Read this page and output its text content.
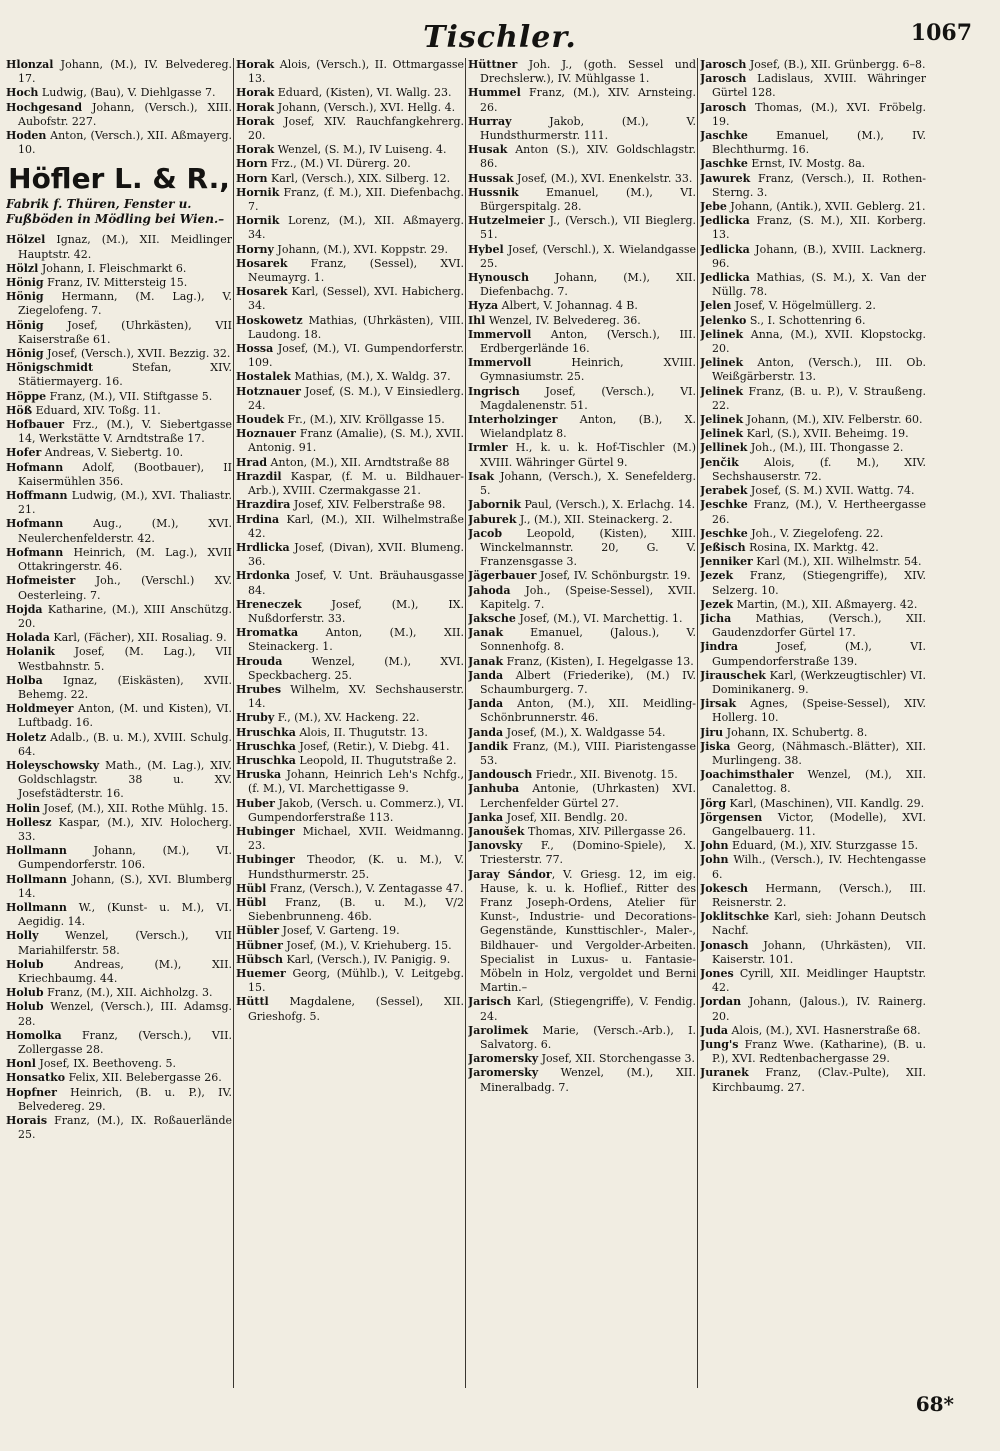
Tischler.	1067
Hlonzal Johann, (M.), IV. Belvedereg. 17.
Hoch Ludwig, (Bau), V. Diehlgasse 7.
Hochgesand Johann, (Versch.), XIII. Aubofstr. 227.
Hoden Anton, (Versch.), XII. Aßmayerg. 10.
Höfler L. & R.,
Fabrik f. Thüren, Fenster u. Fußböden in Mödling bei Wien.–
Hölzel Ignaz, (M.), XII. Meidlinger Hauptstr. 42.
Hölzl Johann, I. Fleischmarkt 6.
Hönig Franz, IV. Mittersteig 15.
Hönig Hermann, (M. Lag.), V. Ziegelofeng. 7.
Hönig Josef, (Uhrkästen), VII Kaiserstraße 61.
Hönig Josef, (Versch.), XVII. Bezzig. 32.
Hönigschmidt Stefan, XIV. Stätiermayerg. 16.
Höppe Franz, (M.), VII. Stiftgasse 5.
Höß Eduard, XIV. Toßg. 11.
Hofbauer Frz., (M.), V. Siebertgasse 14, Werkstätte V. Arndtstraße 17.
Hofer Andreas, V. Siebertg. 10.
Hofmann Adolf, (Bootbauer), II Kaisermühlen 356.
Hoffmann Ludwig, (M.), XVI. Thaliastr. 21.
Hofmann Aug., (M.), XVI. Neulerchenfelderstr. 42.
Hofmann Heinrich, (M. Lag.), XVII Ottakringerstr. 46.
Hofmeister Joh., (Verschl.) XV. Oesterleing. 7.
Hojda Katharine, (M.), XIII Anschützg. 20.
Holada Karl, (Fächer), XII. Rosaliag. 9.
Holanik Josef, (M. Lag.), VII Westbahnstr. 5.
Holba Ignaz, (Eiskästen), XVII. Behemg. 22.
Holdmeyer Anton, (M. und Kisten), VI. Luftbadg. 16.
Holetz Adalb., (B. u. M.), XVIII. Schulg. 64.
Holeyschowsky Math., (M. Lag.), XIV. Goldschlagstr. 38 u. XV. Josefstädterstr. 16.
Holin Josef, (M.), XII. Rothe Mühlg. 15.
Hollesz Kaspar, (M.), XIV. Holocherg. 33.
Hollmann Johann, (M.), VI. Gumpendorferstr. 106.
Hollmann Johann, (S.), XVI. Blumberg 14.
Hollmann W., (Kunst- u. M.), VI. Aegidig. 14.
Holly Wenzel, (Versch.), VII Mariahilferstr. 58.
Holub Andreas, (M.), XII. Kriechbaumg. 44.
Holub Franz, (M.), XII. Aichholzg. 3.
Holub Wenzel, (Versch.), III. Adamsg. 28.
Homolka Franz, (Versch.), VII. Zollergasse 28.
Honl Josef, IX. Beethoveng. 5.
Honsatko Felix, XII. Belebergasse 26.
Hopfner Heinrich, (B. u. P.), IV. Belvedereg. 29.
Horais Franz, (M.), IX. Roßauerlände 25.
Horak Alois, (Versch.), II. Ottmargasse 13.
Horak Eduard, (Kisten), VI. Wallg. 23.
Horak Johann, (Versch.), XVI. Hellg. 4.
Horak Josef, XIV. Rauchfangkehrerg. 20.
Horak Wenzel, (S. M.), IV Luiseng. 4.
Horn Frz., (M.) VI. Dürerg. 20.
Horn Karl, (Versch.), XIX. Silberg. 12.
Hornik Franz, (f. M.), XII. Diefenbachg. 7.
Hornik Lorenz, (M.), XII. Aßmayerg. 34.
Horny Johann, (M.), XVI. Koppstr. 29.
Hosarek Franz, (Sessel), XVI. Neumayrg. 1.
Hosarek Karl, (Sessel), XVI. Habicherg. 34.
Hoskowetz Mathias, (Uhrkästen), VIII. Laudong. 18.
Hossa Josef, (M.), VI. Gumpendorferstr. 109.
Hostalek Mathias, (M.), X. Waldg. 37.
Hotznauer Josef, (S. M.), V Einsiedlerg. 24.
Houdek Fr., (M.), XIV. Kröllgasse 15.
Hoznauer Franz (Amalie), (S. M.), XVII. Antonig. 91.
Hrad Anton, (M.), XII. Arndtstraße 88
Hrazdil Kaspar, (f. M. u. Bildhauer-Arb.), XVIII. Czermakgasse 21.
Hrazdira Josef, XIV. Felberstraße 98.
Hrdina Karl, (M.), XII. Wilhelmstraße 42.
Hrdlicka Josef, (Divan), XVII. Blumeng. 36.
Hrdonka Josef, V. Unt. Bräuhausgasse 84.
Hreneczek Josef, (M.), IX. Nußdorferstr. 33.
Hromatka Anton, (M.), XII. Steinackerg. 1.
Hrouda Wenzel, (M.), XVI. Speckbacherg. 25.
Hrubes Wilhelm, XV. Sechshauserstr. 14.
Hruby F., (M.), XV. Hackeng. 22.
Hruschka Alois, II. Thugutstr. 13.
Hruschka Josef, (Retir.), V. Diebg. 41.
Hruschka Leopold, II. Thugutstraße 2.
Hruska Johann, Heinrich Leh's Nchfg., (f. M.), VI. Marchettigasse 9.
Huber Jakob, (Versch. u. Commerz.), VI. Gumpendorferstraße 113.
Hubinger Michael, XVII. Weidmanng. 23.
Hubinger Theodor, (K. u. M.), V. Hundsthurmerstr. 25.
Hübl Franz, (Versch.), V. Zentagasse 47.
Hübl Franz, (B. u. M.), V/2 Siebenbrunneng. 46b.
Hübler Josef, V. Garteng. 19.
Hübner Josef, (M.), V. Kriehuberg. 15.
Hübsch Karl, (Versch.), IV. Panigig. 9.
Huemer Georg, (Mühlb.), V. Leitgebg. 15.
Hüttl Magdalene, (Sessel), XII. Grieshofg. 5.
Hüttner Joh. J., (goth. Sessel und Drechslerw.), IV. Mühlgasse 1.
Hummel Franz, (M.), XIV. Arnsteing. 26.
Hurray Jakob, (M.), V. Hundsthurmerstr. 111.
Husak Anton (S.), XIV. Goldschlagstr. 86.
Hussak Josef, (M.), XVI. Enenkelstr. 33.
Hussnik Emanuel, (M.), VI. Bürgerspitalg. 28.
Hutzelmeier J., (Versch.), VII Bieglerg. 51.
Hybel Josef, (Verschl.), X. Wielandgasse 25.
Hynousch Johann, (M.), XII. Diefenbachg. 7.
Hyza Albert, V. Johannag. 4 B.
Ihl Wenzel, IV. Belvedereg. 36.
Immervoll Anton, (Versch.), III. Erdbergerlände 16.
Immervoll Heinrich, XVIII. Gymnasiumstr. 25.
Ingrisch Josef, (Versch.), VI. Magdalenenstr. 51.
Interholzinger Anton, (B.), X. Wielandplatz 8.
Irmler H., k. u. k. Hof-Tischler (M.) XVIII. Währinger Gürtel 9.
Isak Johann, (Versch.), X. Senefelderg. 5.
Jabornik Paul, (Versch.), X. Erlachg. 14.
Jaburek J., (M.), XII. Steinackerg. 2.
Jacob Leopold, (Kisten), XIII. Winckelmannstr. 20, G. V. Franzensgasse 3.
Jägerbauer Josef, IV. Schönburgstr. 19.
Jahoda Joh., (Speise-Sessel), XVII. Kapitelg. 7.
Jaksche Josef, (M.), VI. Marchettig. 1.
Janak Emanuel, (Jalous.), V. Sonnenhofg. 8.
Janak Franz, (Kisten), I. Hegelgasse 13.
Janda Albert (Friederike), (M.) IV. Schaumburgerg. 7.
Janda Anton, (M.), XII. Meidling-Schönbrunnerstr. 46.
Janda Josef, (M.), X. Waldgasse 54.
Jandik Franz, (M.), VIII. Piaristengasse 53.
Jandousch Friedr., XII. Bivenotg. 15.
Janhuba Antonie, (Uhrkasten) XVI. Lerchenfelder Gürtel 27.
Janka Josef, XII. Bendlg. 20.
Janoušek Thomas, XIV. Pillergasse 26.
Janovsky F., (Domino-Spiele), X. Triesterstr. 77.
Jaray Sándor, V. Griesg. 12, im eig. Hause, k. u. k. Hoflief., Ritter des Franz Joseph-Ordens, Atelier für Kunst-, Industrie- und Decorations-Gegenstände, Kunsttischler-, Maler-, Bildhauer- und Vergolder-Arbeiten. Specialist in Luxus- u. Fantasie-Möbeln in Holz, vergoldet und Berni Martin.–
Jarisch Karl, (Stiegengriffe), V. Fendig. 24.
Jarolimek Marie, (Versch.-Arb.), I. Salvatorg. 6.
Jaromersky Josef, XII. Storchengasse 3.
Jaromersky Wenzel, (M.), XII. Mineralbadg. 7.
Jarosch Josef, (B.), XII. Grünbergg. 6–8.
Jarosch Ladislaus, XVIII. Währinger Gürtel 128.
Jarosch Thomas, (M.), XVI. Fröbelg. 19.
Jaschke Emanuel, (M.), IV. Blechthurmg. 16.
Jaschke Ernst, IV. Mostg. 8a.
Jawurek Franz, (Versch.), II. Rothen-Sterng. 3.
Jebe Johann, (Antik.), XVII. Geblerg. 21.
Jedlicka Franz, (S. M.), XII. Korberg. 13.
Jedlicka Johann, (B.), XVIII. Lacknerg. 96.
Jedlicka Mathias, (S. M.), X. Van der Nüllg. 78.
Jelen Josef, V. Högelmüllerg. 2.
Jelenko S., I. Schottenring 6.
Jelinek Anna, (M.), XVII. Klopstockg. 20.
Jelinek Anton, (Versch.), III. Ob. Weißgärberstr. 13.
Jelinek Franz, (B. u. P.), V. Straußeng. 22.
Jelinek Johann, (M.), XIV. Felberstr. 60.
Jelinek Karl, (S.), XVII. Beheimg. 19.
Jellinek Joh., (M.), III. Thongasse 2.
Jenčik Alois, (f. M.), XIV. Sechshauserstr. 72.
Jerabek Josef, (S. M.) XVII. Wattg. 74.
Jeschke Franz, (M.), V. Hertheergasse 26.
Jeschke Joh., V. Ziegelofeng. 22.
Jeßisch Rosina, IX. Marktg. 42.
Jenniker Karl (M.), XII. Wilhelmstr. 54.
Jezek Franz, (Stiegengriffe), XIV. Selzerg. 10.
Jezek Martin, (M.), XII. Aßmayerg. 42.
Jicha Mathias, (Versch.), XII. Gaudenzdorfer Gürtel 17.
Jindra Josef, (M.), VI. Gumpendorferstraße 139.
Jirauschek Karl, (Werkzeugtischler) VI. Dominikanerg. 9.
Jirsak Agnes, (Speise-Sessel), XIV. Hollerg. 10.
Jiru Johann, IX. Schubertg. 8.
Jiska Georg, (Nähmasch.-Blätter), XII. Murlingeng. 38.
Joachimsthaler Wenzel, (M.), XII. Canalettog. 8.
Jörg Karl, (Maschinen), VII. Kandlg. 29.
Jörgensen Victor, (Modelle), XVI. Gangelbauerg. 11.
John Eduard, (M.), XIV. Sturzgasse 15.
John Wilh., (Versch.), IV. Hechtengasse 6.
Jokesch Hermann, (Versch.), III. Reisnerstr. 2.
Joklitschke Karl, sieh: Johann Deutsch Nachf.
Jonasch Johann, (Uhrkästen), VII. Kaiserstr. 101.
Jones Cyrill, XII. Meidlinger Hauptstr. 42.
Jordan Johann, (Jalous.), IV. Rainerg. 20.
Juda Alois, (M.), XVI. Hasnerstraße 68.
Jung's Franz Wwe. (Katharine), (B. u. P.), XVI. Redtenbachergasse 29.
Juranek Franz, (Clav.-Pulte), XII. Kirchbaumg. 27.
68*
